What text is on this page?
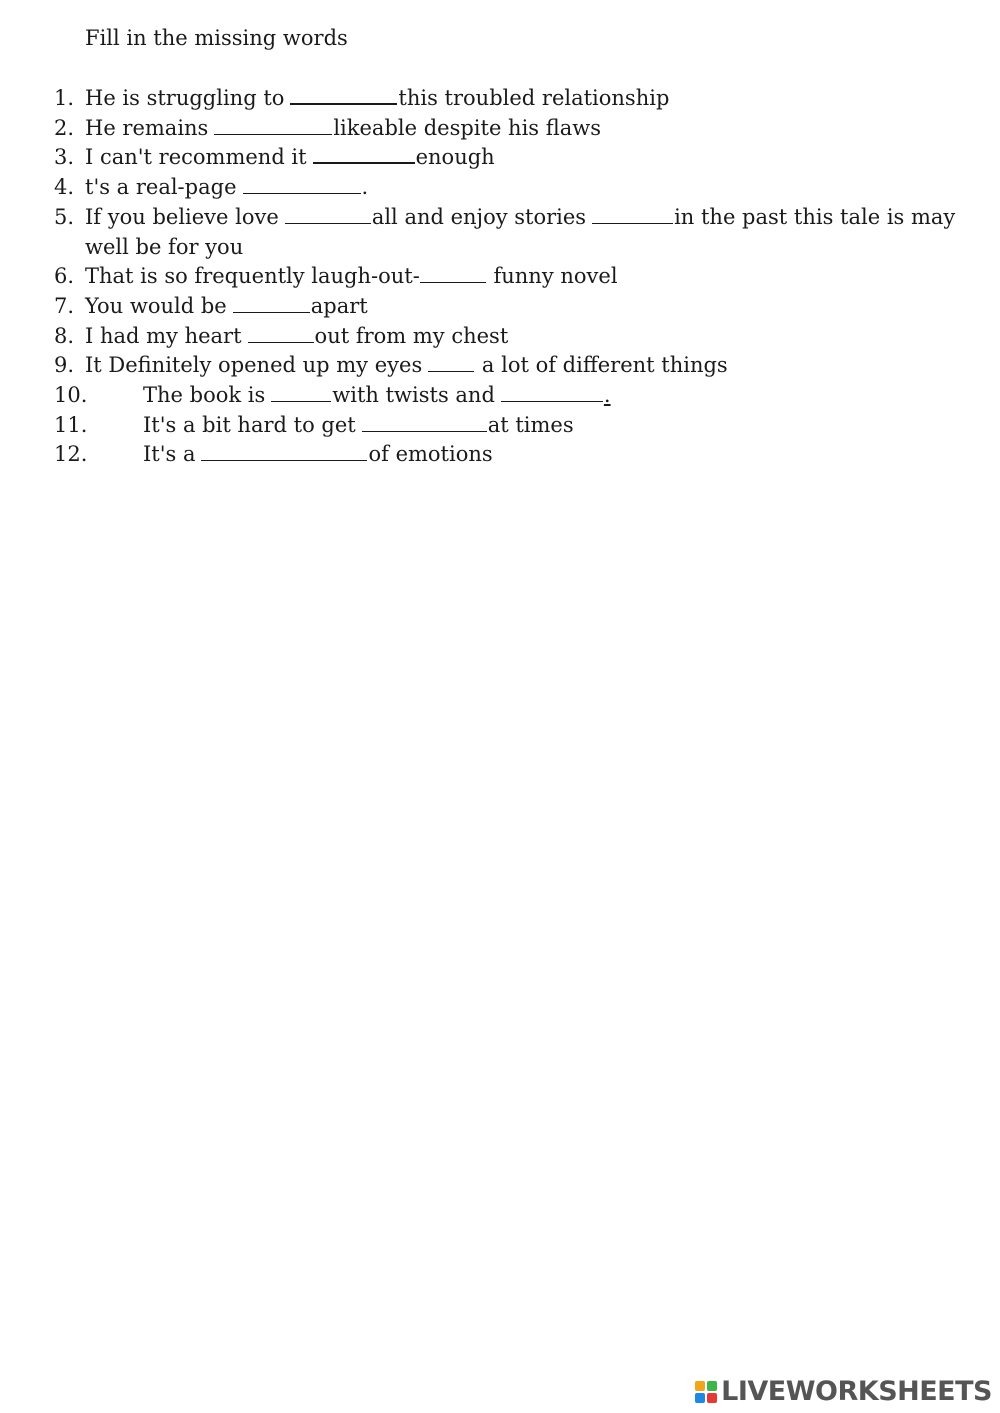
Fill in the missing words
1. He is struggling to	this troubled relationship
2. He remains	likeable despite his flaws
3. I can't recommend it	enough
4. t's a real-page	.
5. If you believe love	all and enjoy stories	in the past this tale is may well be for you
6. That is so frequently laugh-out-	funny novel
7. You would be	apart
8. I had my heart	out from my chest
9. It Definitely opened up my eyes	a lot of different things
10.	The book is	with twists and	.
11.	It's a bit hard to get	at times
12.	It's a	of emotions
LIVEWORKSHEETS
